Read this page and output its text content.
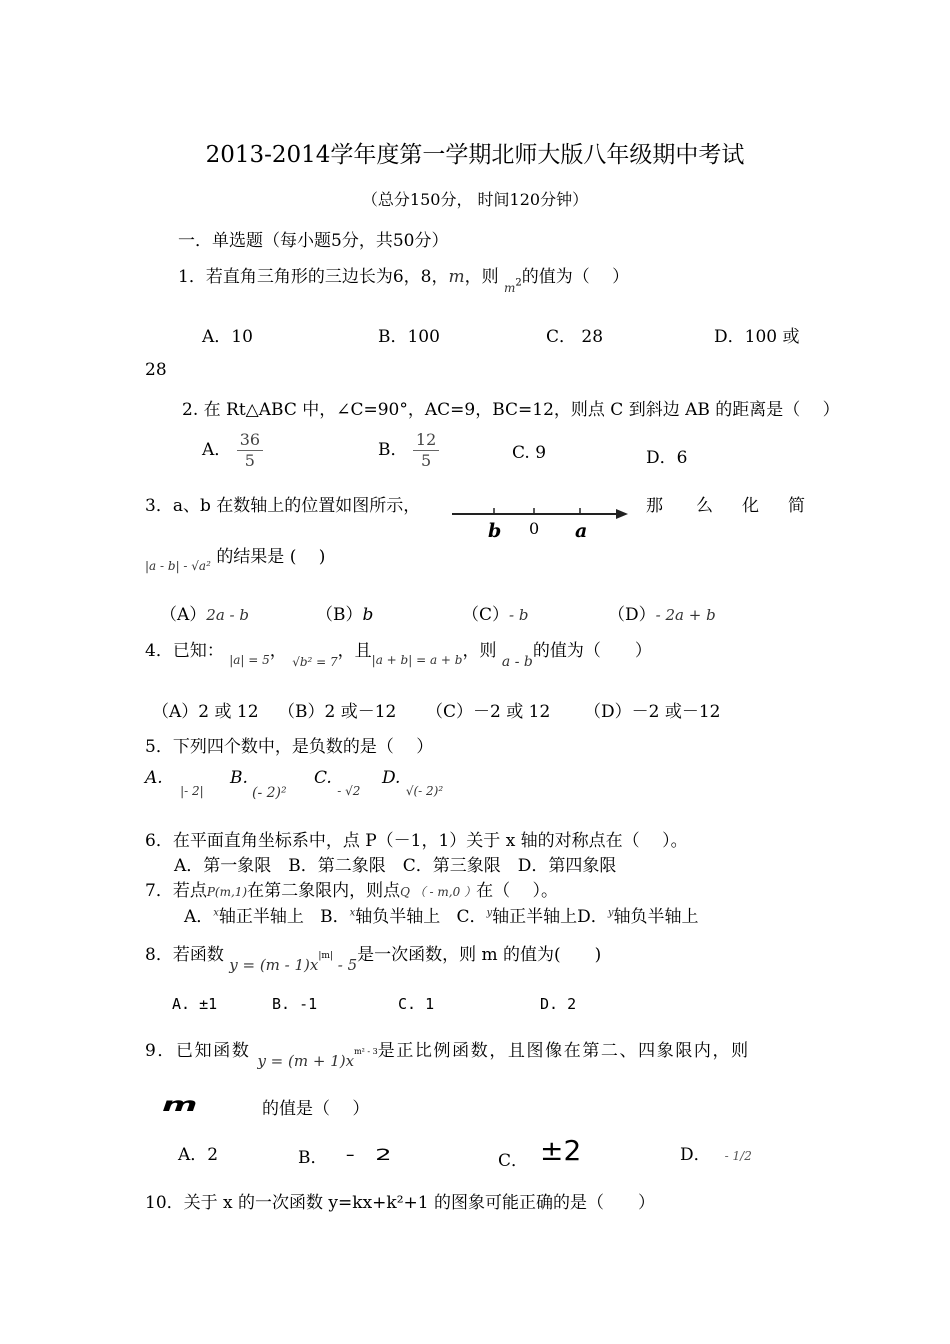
2013-2014学年度第一学期北师大版八年级期中考试
（总分150分， 时间120分钟）
一．单选题（每小题5分，共50分）
1．若直角三角形的三边长为6，8，m，则 $m^2$的值为（　 ）
A．10	B．100	C． 28	D．100 或
28
2. 在 Rt△ABC 中，∠C=90°，AC=9，BC=12，则点 C 到斜边 AB 的距离是（　 ）
A． $\frac{36}{5}$	B． $\frac{12}{5}$	C. 9	D．6
3．a、b 在数轴上的位置如图所示，
b 0 a
那 么 化 简
$_{|a - b| - √a^2}$ 的结果是 (　 )
（A）2a - b	（B）b	（C）- b	（D）- 2a + b
4．已知： $_{|a| = 5}$， $_{√b^2 = 7}$，且$_{|a + b| = a + b}$，则 $_{a - b}$的值为（　　）
（A）2 或 12 （B）2 或－12 （C）－2 或 12 （D）－2 或－12
5．下列四个数中，是负数的是（　 ）
A. $_{|- 2|}$
B.
$^{(- 2)^2}$
C. $_{- √2}$
D. $_{√(- 2)^2}$
6．在平面直角坐标系中，点 P（－1，1）关于 x 轴的对称点在（　 ）。
A．第一象限　B．第二象限　C．第三象限　D．第四象限
7．若点P(m,1)在第二象限内，则点Q （ - m,0 ）在（　 ）。
A．$^x$轴正半轴上 B．$^x$轴负半轴上 C．$^y$轴正半轴上D．$^y$轴负半轴上
8．若函数 $y = (m - 1)x^{|m|} - 5$是一次函数，则 m 的值为(　　)
A. ±1	B. -1	C. 1	D. 2
9．已知函数 $y = (m + 1)x^{m^2 - 3}$是正比例函数，且图像在第二、四象限内，则
m	的值是（　 ）
A．2	B． - 2	C． ±2	D． - 1/2
10．关于 x 的一次函数 y=kx+k²+1 的图象可能正确的是（　　）
